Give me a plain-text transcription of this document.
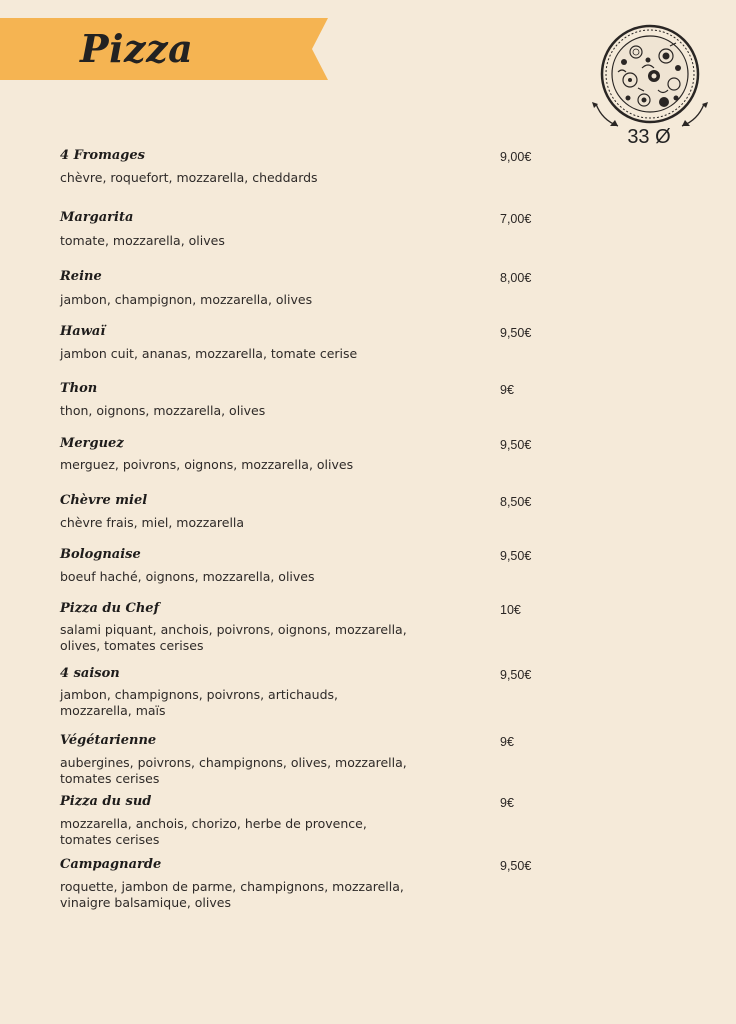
Pizza
33 Ø
4 Fromages	9,00€
chèvre, roquefort, mozzarella, cheddards
Margarita	7,00€
tomate, mozzarella, olives
Reine	8,00€
jambon, champignon, mozzarella, olives
Hawaï	9,50€
jambon cuit, ananas, mozzarella, tomate cerise
Thon	9€
thon, oignons, mozzarella, olives
Merguez	9,50€
merguez, poivrons, oignons, mozzarella, olives
Chèvre miel	8,50€
chèvre frais, miel, mozzarella
Bolognaise	9,50€
boeuf haché, oignons, mozzarella, olives
Pizza du Chef	10€
salami piquant, anchois, poivrons, oignons, mozzarella, olives, tomates cerises
4 saison	9,50€
jambon, champignons, poivrons, artichauds, mozzarella, maïs
Végétarienne	9€
aubergines, poivrons, champignons, olives, mozzarella, tomates cerises
Pizza du sud	9€
mozzarella, anchois, chorizo, herbe de provence, tomates cerises
Campagnarde	9,50€
roquette, jambon de parme, champignons, mozzarella, vinaigre balsamique, olives
